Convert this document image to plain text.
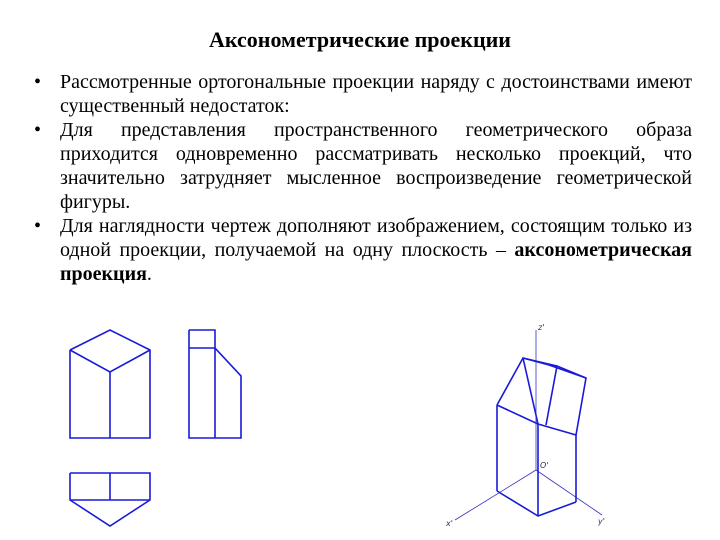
Аксонометрические проекции
• Рассмотренные ортогональные проекции наряду с достоинствами имеют существенный недостаток:
• Для представления пространственного геометрического образа приходится одновременно рассматривать несколько проекций, что значительно затрудняет мысленное воспроизведение геометрической фигуры.
• Для наглядности чертеж дополняют изображением, состоящим только из одной проекции, получаемой на одну плоскость – аксонометрическая проекция.
z'
O'
x'	y'
